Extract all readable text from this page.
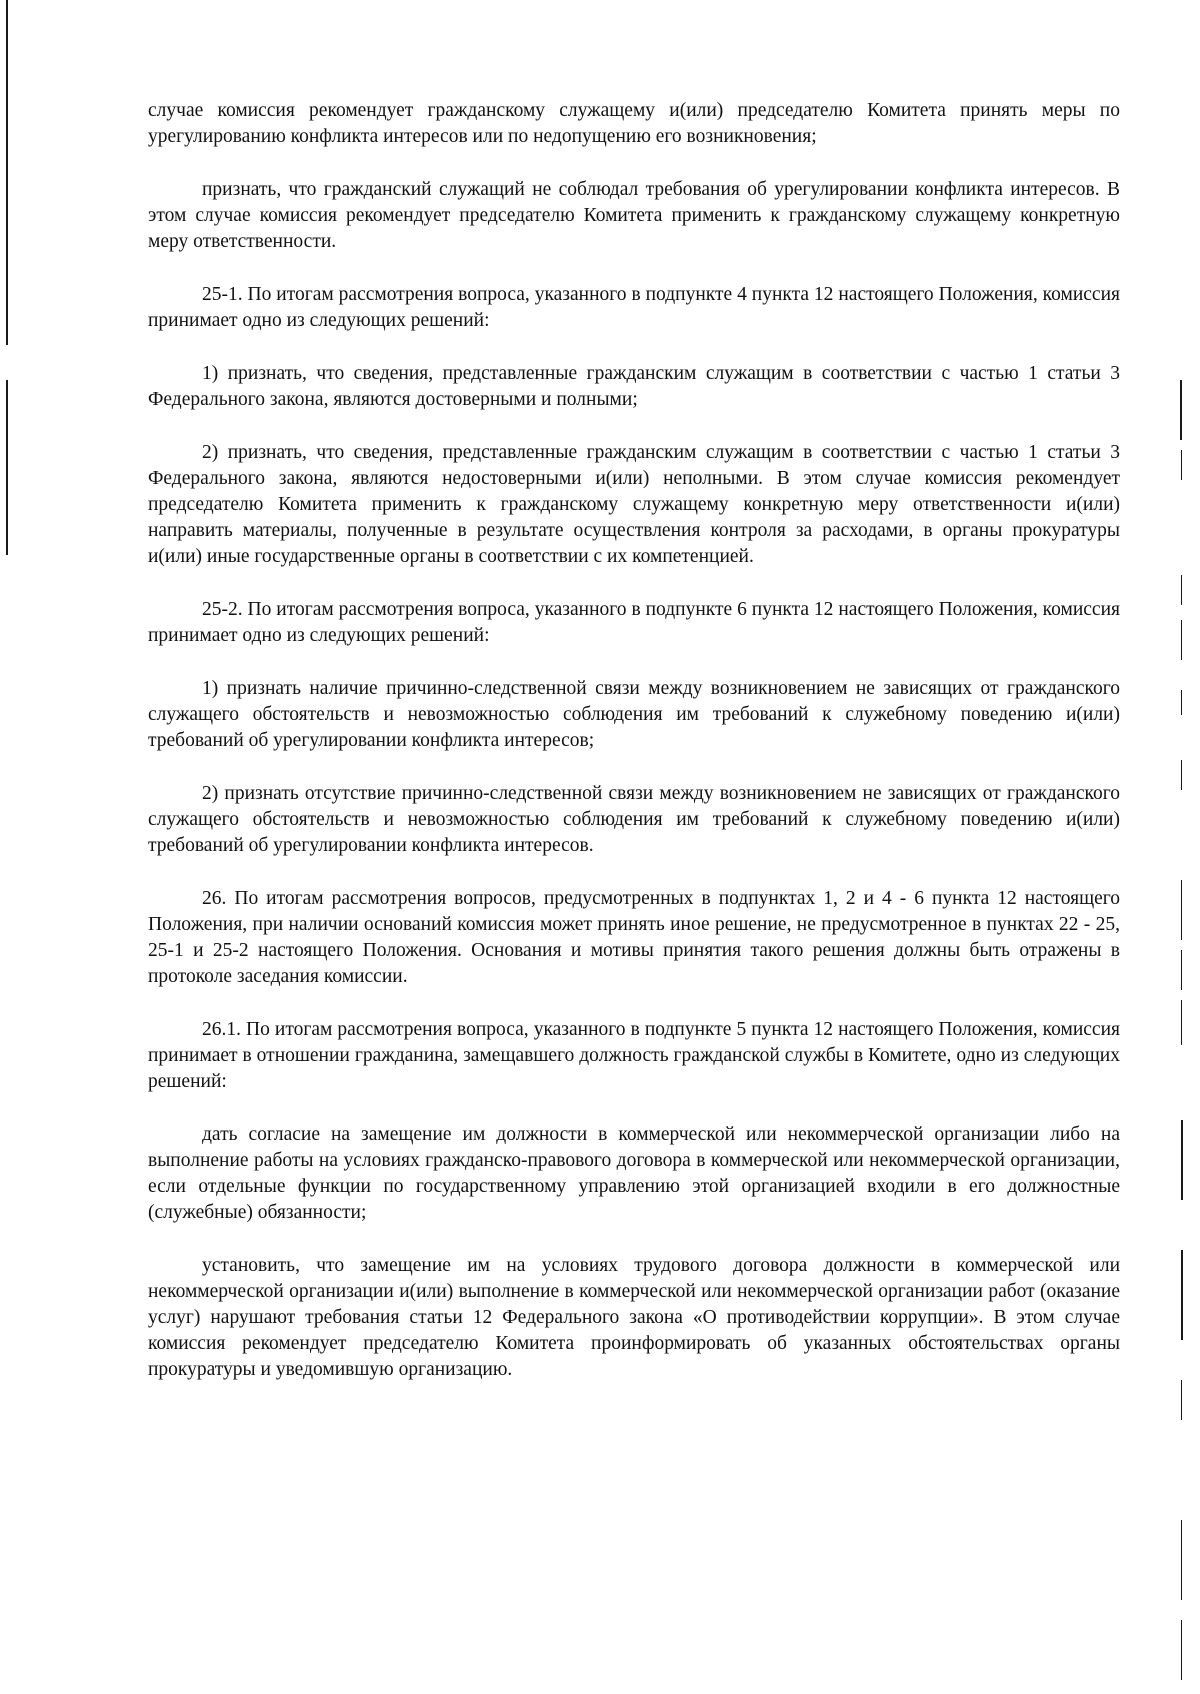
случае комиссия рекомендует гражданскому служащему и(или) председателю Комитета принять меры по урегулированию конфликта интересов или по недопущению его возникновения;

признать, что гражданский служащий не соблюдал требования об урегулировании конфликта интересов. В этом случае комиссия рекомендует председателю Комитета применить к гражданскому служащему конкретную меру ответственности.

25-1. По итогам рассмотрения вопроса, указанного в подпункте 4 пункта 12 настоящего Положения, комиссия принимает одно из следующих решений:

1) признать, что сведения, представленные гражданским служащим в соответствии с частью 1 статьи 3 Федерального закона, являются достоверными и полными;

2) признать, что сведения, представленные гражданским служащим в соответствии с частью 1 статьи 3 Федерального закона, являются недостоверными и(или) неполными. В этом случае комиссия рекомендует председателю Комитета применить к гражданскому служащему конкретную меру ответственности и(или) направить материалы, полученные в результате осуществления контроля за расходами, в органы прокуратуры и(или) иные государственные органы в соответствии с их компетенцией.

25-2. По итогам рассмотрения вопроса, указанного в подпункте 6 пункта 12 настоящего Положения, комиссия принимает одно из следующих решений:

1) признать наличие причинно-следственной связи между возникновением не зависящих от гражданского служащего обстоятельств и невозможностью соблюдения им требований к служебному поведению и(или) требований об урегулировании конфликта интересов;

2) признать отсутствие причинно-следственной связи между возникновением не зависящих от гражданского служащего обстоятельств и невозможностью соблюдения им требований к служебному поведению и(или) требований об урегулировании конфликта интересов.

26. По итогам рассмотрения вопросов, предусмотренных в подпунктах 1, 2 и 4 - 6 пункта 12 настоящего Положения, при наличии оснований комиссия может принять иное решение, не предусмотренное в пунктах 22 - 25, 25-1 и 25-2 настоящего Положения. Основания и мотивы принятия такого решения должны быть отражены в протоколе заседания комиссии.

26.1. По итогам рассмотрения вопроса, указанного в подпункте 5 пункта 12 настоящего Положения, комиссия принимает в отношении гражданина, замещавшего должность гражданской службы в Комитете, одно из следующих решений:

дать согласие на замещение им должности в коммерческой или некоммерческой организации либо на выполнение работы на условиях гражданско-правового договора в коммерческой или некоммерческой организации, если отдельные функции по государственному управлению этой организацией входили в его должностные (служебные) обязанности;

установить, что замещение им на условиях трудового договора должности в коммерческой или некоммерческой организации и(или) выполнение в коммерческой или некоммерческой организации работ (оказание услуг) нарушают требования статьи 12 Федерального закона «О противодействии коррупции». В этом случае комиссия рекомендует председателю Комитета проинформировать об указанных обстоятельствах органы прокуратуры и уведомившую организацию.
